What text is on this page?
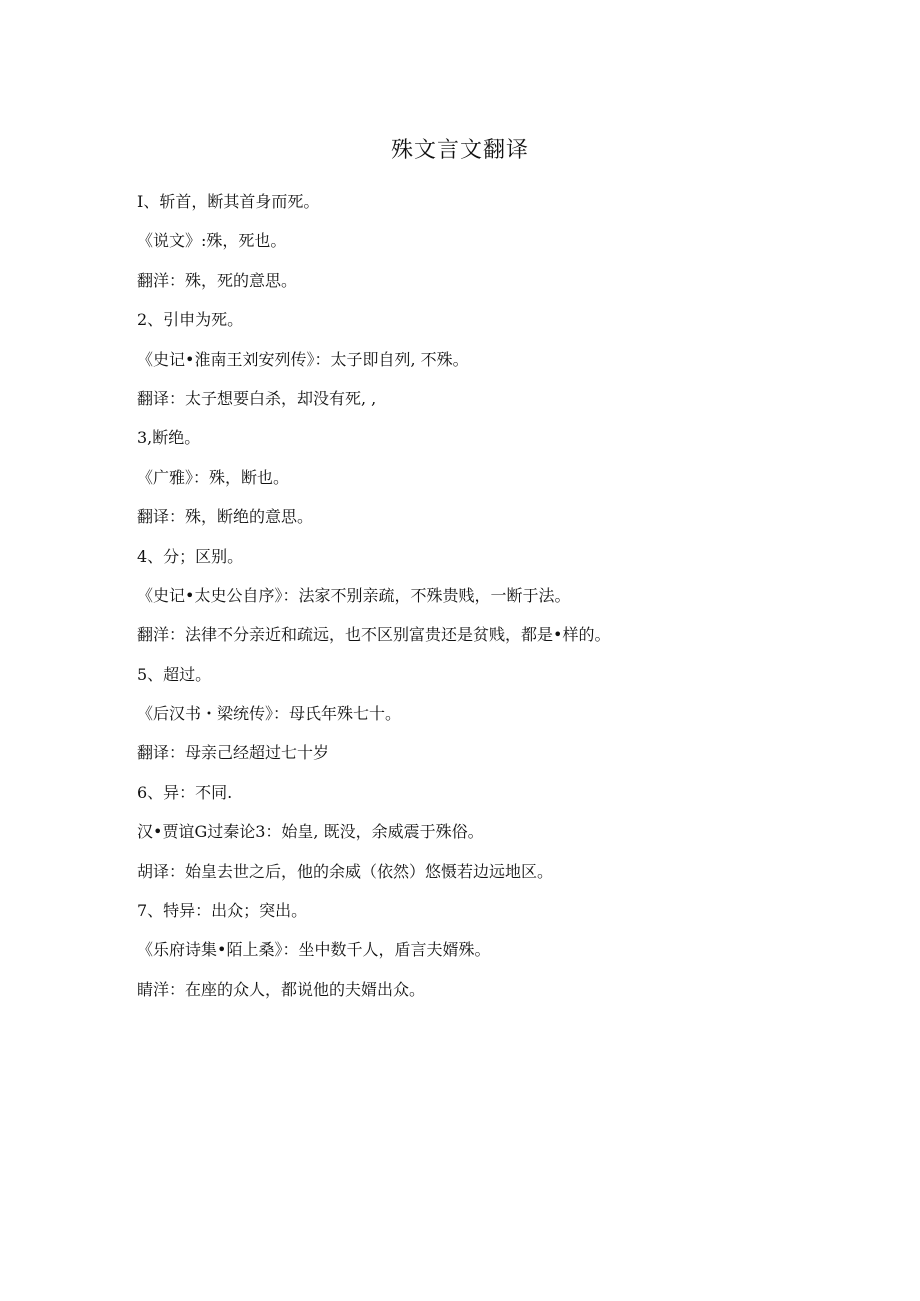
殊文言文翻译
I、斩首，断其首身而死。
《说文》:殊，死也。
翻洋：殊，死的意思。
2、引申为死。
《史记•淮南王刘安列传》：太子即自列, 不殊。
翻译：太子想要白杀，却没有死, ,
3,断绝。
《广雅》：殊，断也。
翻译：殊，断绝的意思。
4、分；区别。
《史记•太史公自序》：法家不别亲疏，不殊贵贱，一断于法。
翻洋：法律不分亲近和疏远，也不区别富贵还是贫贱，都是•样的。
5、超过。
《后汉书・梁统传》：母氏年殊七十。
翻译：母亲己经超过七十岁
6、异：不同.
汉•贾谊G过秦论3：始皇, 既没，余威震于殊俗。
胡译：始皇去世之后，他的余威（依然）悠慑若边远地区。
7、特异：出众；突出。
《乐府诗集•陌上桑》：坐中数千人，盾言夫婿殊。
睛洋：在座的众人，都说他的夫婿出众。
